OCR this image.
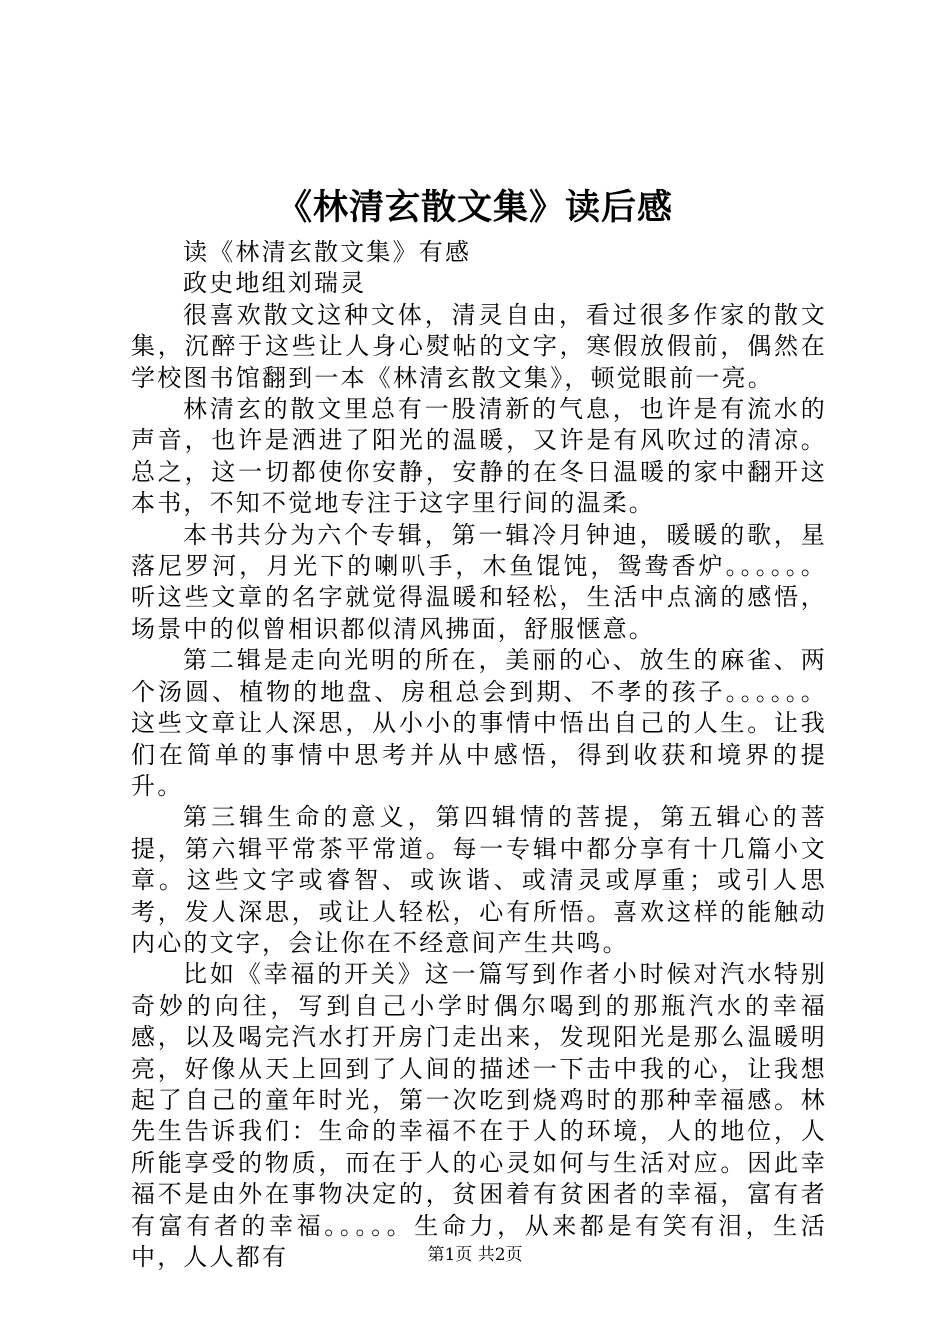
《林清玄散文集》读后感

读《林清玄散文集》有感

政史地组刘瑞灵

很喜欢散文这种文体，清灵自由，看过很多作家的散文集，沉醉于这些让人身心熨帖的文字，寒假放假前，偶然在学校图书馆翻到一本《林清玄散文集》，顿觉眼前一亮。

林清玄的散文里总有一股清新的气息，也许是有流水的声音，也许是洒进了阳光的温暖，又许是有风吹过的清凉。总之，这一切都使你安静，安静的在冬日温暖的家中翻开这本书，不知不觉地专注于这字里行间的温柔。

本书共分为六个专辑，第一辑冷月钟迪，暖暖的歌，星落尼罗河，月光下的喇叭手，木鱼馄饨，鸳鸯香炉。。。。。。听这些文章的名字就觉得温暖和轻松，生活中点滴的感悟，场景中的似曾相识都似清风拂面，舒服惬意。

第二辑是走向光明的所在，美丽的心、放生的麻雀、两个汤圆、植物的地盘、房租总会到期、不孝的孩子。。。。。。这些文章让人深思，从小小的事情中悟出自己的人生。让我们在简单的事情中思考并从中感悟，得到收获和境界的提升。

第三辑生命的意义，第四辑情的菩提，第五辑心的菩提，第六辑平常茶平常道。每一专辑中都分享有十几篇小文章。这些文字或睿智、或诙谐、或清灵或厚重；或引人思考，发人深思，或让人轻松，心有所悟。喜欢这样的能触动内心的文字，会让你在不经意间产生共鸣。

比如《幸福的开关》这一篇写到作者小时候对汽水特别奇妙的向往，写到自己小学时偶尔喝到的那瓶汽水的幸福感，以及喝完汽水打开房门走出来，发现阳光是那么温暖明亮，好像从天上回到了人间的描述一下击中我的心，让我想起了自己的童年时光，第一次吃到烧鸡时的那种幸福感。林先生告诉我们：生命的幸福不在于人的环境，人的地位，人所能享受的物质，而在于人的心灵如何与生活对应。因此幸福不是由外在事物决定的，贫困着有贫困者的幸福，富有者有富有者的幸福。。。。。生命力，从来都是有笑有泪，生活中，人人都有	第1页 共2页
